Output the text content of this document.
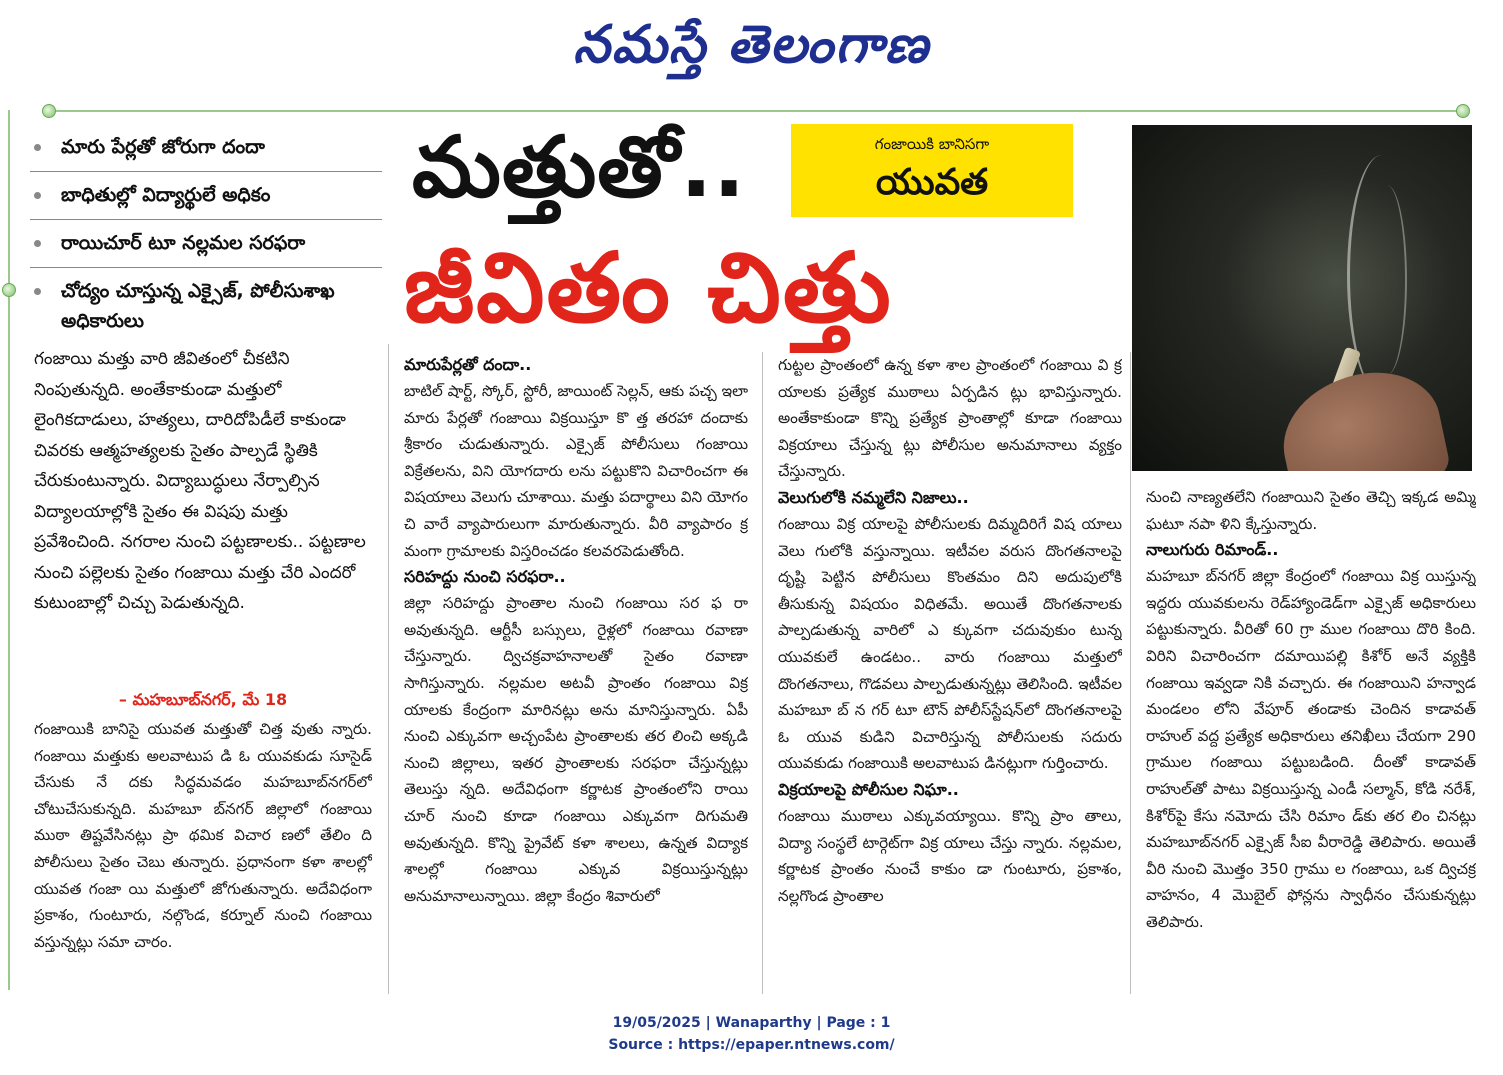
నమస్తే తెలంగాణ
మారు పేర్లతో జోరుగా దందా
బాధితుల్లో విద్యార్థులే అధికం
రాయిచూర్ టూ నల్లమల సరఫరా
చోద్యం చూస్తున్న ఎక్సైజ్, పోలీసుశాఖ అధికారులు
మత్తుతో..	గంజాయికి బానిసగా
యువత
జీవితం చిత్తు
గంజాయి మత్తు వారి జీవితంలో చీకటిని నింపుతున్నది. అంతేకాకుండా మత్తులో లైంగికదాడులు, హత్యలు, దారిదోపిడీలే కాకుండా చివరకు ఆత్మహత్యలకు సైతం పాల్పడే స్థితికి చేరుకుంటున్నారు. విద్యాబుద్ధులు నేర్పాల్సిన విద్యాలయాల్లోకి సైతం ఈ విషపు మత్తు ప్రవేశించింది. నగరాల నుంచి పట్టణాలకు.. పట్టణాల నుంచి పల్లెలకు సైతం గంజాయి మత్తు చేరి ఎందరో కుటుంబాల్లో చిచ్చు పెడుతున్నది.
– మహబూబ్‌నగర్, మే 18

గంజాయికి బానిసై యువత మత్తుతో చిత్త వుతు న్నారు. గంజాయి మత్తుకు అలవాటుప డి ఓ యువకుడు సూసైడ్ చేసుకు నే దకు సిద్ధమవడం మహబూబ్‌నగర్‌లో చోటుచేసుకున్నది. మహబూ బ్‌నగర్ జిల్లాలో గంజాయి ముఠా తిష్టవేసినట్లు ప్రా థమిక విచార ణలో తేలిం ది పోలీసులు సైతం చెబు తున్నారు. ప్రధానంగా కళా శాలల్లో యువత గంజా యి మత్తులో జోగుతున్నారు. అదేవిధంగా ప్రకాశం, గుంటూరు, నల్గొండ, కర్నూల్ నుంచి గంజాయి వస్తున్నట్లు సమా చారం.

మారుపేర్లతో దందా..

బాటిల్ షార్ట్, స్కోర్, స్టోరీ, జాయింట్ సెల్లన్, ఆకు పచ్చ ఇలా మారు పేర్లతో గంజాయి విక్రయిస్తూ కొ త్త తరహా దందాకు శ్రీకారం చుడుతున్నారు. ఎక్సైజ్ పోలీసులు గంజాయి విక్రేతలను, విని యోగదారు లను పట్టుకొని విచారించగా ఈ విషయాలు వెలుగు చూశాయి. మత్తు పదార్థాలు విని యోగం చి వారే వ్యాపారులుగా మారుతున్నారు. వీరి వ్యాపారం క్ర మంగా గ్రామాలకు విస్తరించడం కలవరపెడుతోంది.

సరిహద్దు నుంచి సరఫరా..

జిల్లా సరిహద్దు ప్రాంతాల నుంచి గంజాయి సర ఫ రా అవుతున్నది. ఆర్టీసీ బస్సులు, రైళ్లలో గంజాయి రవాణా చేస్తున్నారు. ద్విచక్రవాహనాలతో సైతం రవాణా సాగిస్తున్నారు. నల్లమల అటవీ ప్రాంతం గంజాయి విక్ర యాలకు కేంద్రంగా మారినట్లు అను మానిస్తున్నారు. ఏపీ నుంచి ఎక్కువగా అచ్చంపేట ప్రాంతాలకు తర లించి అక్కడి నుంచి జిల్లాలు, ఇతర ప్రాంతాలకు సరఫరా చేస్తున్నట్లు తెలుస్తు న్నది. అదేవిధంగా కర్ణాటక ప్రాంతంలోని రాయి చూర్ నుంచి కూడా గంజాయి ఎక్కువగా దిగుమతి అవుతున్నది. కొన్ని ప్రైవేట్ కళా శాలలు, ఉన్నత విద్యాక శాలల్లో గంజాయి ఎక్కువ విక్రయిస్తున్నట్లు అనుమానాలున్నాయి. జిల్లా కేంద్రం శివారులో

గుట్టల ప్రాంతంలో ఉన్న కళా శాల ప్రాంతంలో గంజాయి వి క్ర యాలకు ప్రత్యేక ముఠాలు ఏర్పడిన ట్లు భావిస్తున్నారు. అంతేకాకుండా కొన్ని ప్రత్యేక ప్రాంతాల్లో కూడా గంజాయి విక్రయాలు చేస్తున్న ట్లు పోలీసుల అనుమానాలు వ్యక్తం చేస్తున్నారు.

వెలుగులోకి నమ్మలేని నిజాలు..

గంజాయి విక్ర యాలపై పోలీసులకు దిమ్మదిరిగే విష యాలు వెలు గులోకి వస్తున్నాయి. ఇటీవల వరుస దొంగతనాలపై దృష్టి పెట్టిన పోలీసులు కొంతమం దిని అదుపులోకి తీసుకున్న విషయం విధితమే. అయితే దొంగతనాలకు పాల్పడుతున్న వారిలో ఎ క్కువగా చదువుకుం టున్న యువకులే ఉండటం.. వారు గంజాయి మత్తులో దొంగతనాలు, గొడవలు పాల్పడుతున్నట్లు తెలిసింది. ఇటీవల మహబూ బ్ న గర్ టూ టౌన్ పోలీస్‌స్టేషన్‌లో దొంగతనాలపై ఓ యువ కుడిని విచారిస్తున్న పోలీసులకు సదురు యువకుడు గంజాయికి అలవాటుప డినట్లుగా గుర్తించారు.

విక్రయాలపై పోలీసుల నిఘా..

గంజాయి ముఠాలు ఎక్కువయ్యాయి. కొన్ని ప్రాం తాలు, విద్యా సంస్థలే టార్గెట్‌గా విక్ర యాలు చేస్తు న్నారు. నల్లమల, కర్ణాటక ప్రాంతం నుంచే కాకుం డా గుంటూరు, ప్రకాశం, నల్లగొండ ప్రాంతాల

నుంచి నాణ్యతలేని గంజాయిని సైతం తెచ్చి ఇక్కడ అమ్మి ఘటూ నపా ళిని క్కేస్తున్నారు.

నాలుగురు రిమాండ్..

మహబూ బ్‌నగర్ జిల్లా కేంద్రంలో గంజాయి విక్ర యిస్తున్న ఇద్దరు యువకులను రెడ్‌హ్యాండెడ్‌గా ఎక్సైజ్ అధికారులు పట్టుకున్నారు. వీరితో 60 గ్రా ముల గంజాయి దొరి కింది. విరిని విచారించగా దమాయిపల్లి కిశోర్ అనే వ్యక్తికి గంజాయి ఇవ్వడా నికి వచ్చారు. ఈ గంజాయిని హన్వాడ మండలం లోని వేపూర్ తండాకు చెందిన కాడావత్ రాహుల్ వద్ద ప్రత్యేక అధికారులు తనిఖీలు చేయగా 290 గ్రాముల గంజాయి పట్టుబడింది. దీంతో కాడావత్ రాహుల్‌తో పాటు విక్రయిస్తున్న ఎండీ సల్మాన్, కోడి నరేశ్, కిశోర్‌పై కేసు నమోదు చేసి రిమాం డ్‌కు తర లిం చినట్లు మహబూబ్‌నగర్ ఎక్సైజ్ సీఐ వీరారెడ్డి తెలిపారు. అయితే వీరి నుంచి మొత్తం 350 గ్రాము ల గంజాయి, ఒక ద్విచక్ర వాహనం, 4 మొబైల్ ఫోన్లను స్వాధీనం చేసుకున్నట్లు తెలిపారు.

19/05/2025 | Wanaparthy | Page : 1
Source : https://epaper.ntnews.com/
